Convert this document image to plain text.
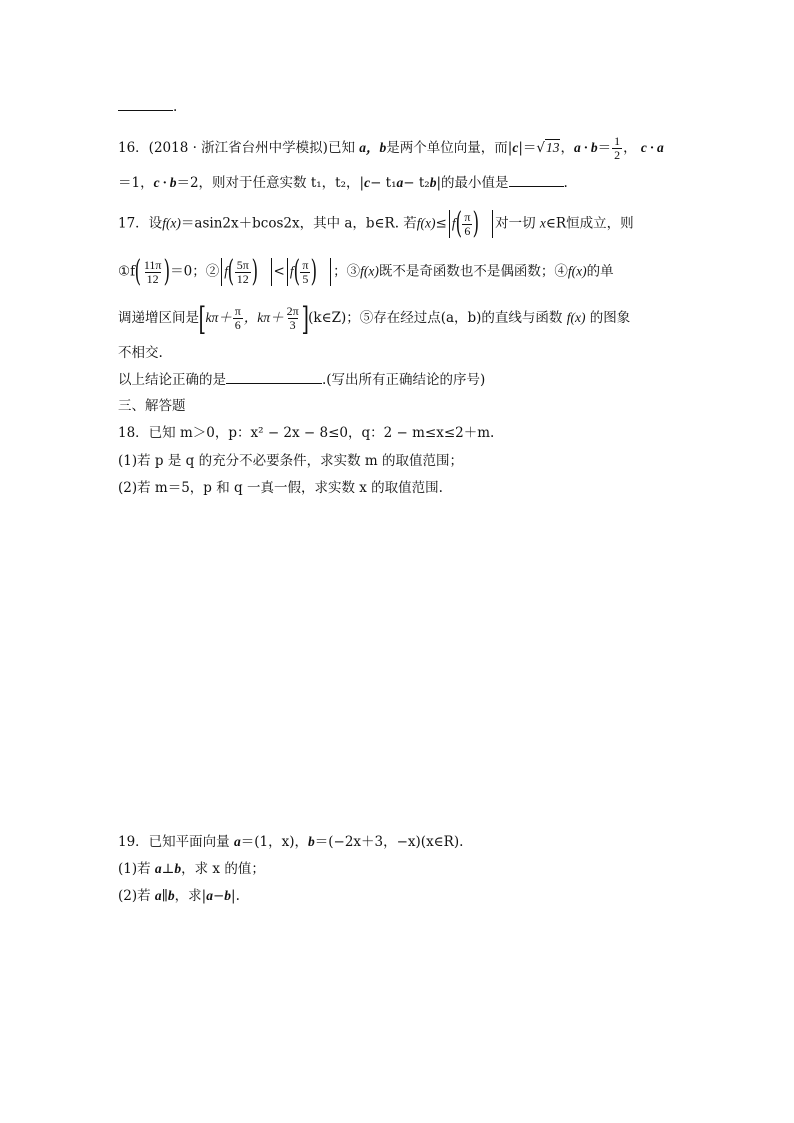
.
16．(2018 · 浙江省台州中学模拟)已知 a，b是两个单位向量，而|c|＝√13，$a \cdot b= \frac{1}{2}$ ， c · a
＝1，c · b＝2，则对于任意实数 t₁，t₂，|c− t₁a− t₂b|的最小值是	.
17．设f(x)＝asin2x＋bcos2x，其中 a，b∈R. 若$f(x)\le f( \frac{\pi}{6}$ ) 对一切 x∈R恒成立，则
①f( $\frac{11\pi}{12} )=0$；② $f( \frac{5\pi}{12}$ ) < $f( \frac{\pi}{5}$ ) ；③f(x)既不是奇函数也不是偶函数；④f(x)的单
调递增区间是[$k\pi+ \frac{\pi}{6}$ ，$k\pi+ \frac{2\pi}{3}$ ](k∈Z)；⑤存在经过点(a，b)的直线与函数 f(x) 的图象
不相交.
以上结论正确的是	.(写出所有正确结论的序号)
三、解答题
18．已知 m＞0，p：x² − 2x − 8≤0，q：2 − m≤x≤2＋m.
(1)若 p 是 q 的充分不必要条件，求实数 m 的取值范围；
(2)若 m＝5，p 和 q 一真一假，求实数 x 的取值范围.
19．已知平面向量 a＝(1，x)，b＝(−2x＋3，−x)(x∈R).
(1)若 a⊥b，求 x 的值；
(2)若 a∥b，求|a−b|.
